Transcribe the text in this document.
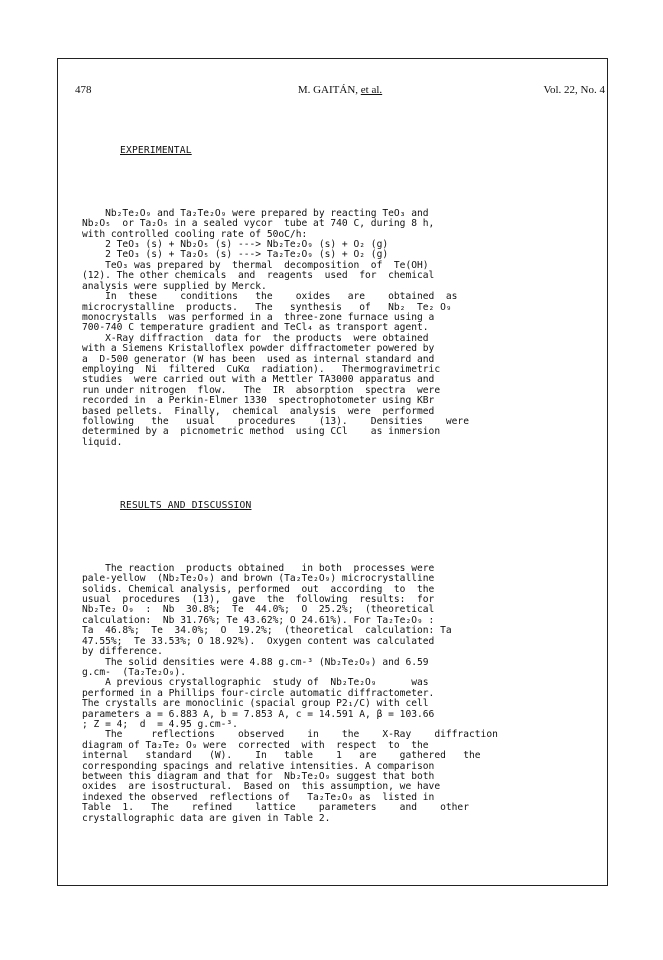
478	M. GAITÁN, et al.	Vol. 22, No. 4

EXPERIMENTAL

Nb₂Te₂O₉ and Ta₂Te₂O₉ were prepared by reacting TeO₃ and
Nb₂O₅  or Ta₂O₅ in a sealed vycor  tube at 740 C, during 8 h,
with controlled cooling rate of 50oC/h:
2 TeO₃ (s) + Nb₂O₅ (s) ---> Nb₂Te₂O₉ (s) + O₂ (g)
2 TeO₃ (s) + Ta₂O₅ (s) ---> Ta₂Te₂O₉ (s) + O₂ (g)
TeO₃ was prepared by  thermal  decomposition  of  Te(OH)
(12). The other chemicals  and  reagents  used  for  chemical
analysis were supplied by Merck.
In  these    conditions   the    oxides   are    obtained  as
microcrystalline  products.   The   synthesis   of   Nb₂  Te₂ O₉
monocrystalls  was performed in a  three-zone furnace using a
700-740 C temperature gradient and TeCl₄ as transport agent.
X-Ray diffraction  data for  the products  were obtained
with a Siemens Kristalloflex powder diffractometer powered by
a  D-500 generator (W has been  used as internal standard and
employing  Ni  filtered  CuKα  radiation).   Thermogravimetric
studies  were carried out with a Mettler TA3000 apparatus and
run under nitrogen  flow.   The  IR  absorption  spectra  were
recorded in  a Perkin-Elmer 1330  spectrophotometer using KBr
based pellets.  Finally,  chemical  analysis  were  performed
following   the   usual    procedures    (13).    Densities    were
determined by a  picnometric method  using CCl    as inmersion
liquid.

RESULTS AND DISCUSSION

The reaction  products obtained   in both  processes were
pale-yellow  (Nb₂Te₂O₉) and brown (Ta₂Te₂O₉) microcrystalline
solids. Chemical analysis, performed  out  according  to  the
usual  procedures  (13),  gave  the  following  results:  for
Nb₂Te₂ O₉  :  Nb  30.8%;  Te  44.0%;  O  25.2%;  (theoretical
calculation:  Nb 31.76%; Te 43.62%; O 24.61%). For Ta₂Te₂O₉ :
Ta  46.8%;  Te  34.0%;  O  19.2%;  (theoretical  calculation: Ta
47.55%;  Te 33.53%; O 18.92%).  Oxygen content was calculated
by difference.
The solid densities were 4.88 g.cm-³ (Nb₂Te₂O₉) and 6.59
g.cm-  (Ta₂Te₂O₉).
A previous crystallographic  study of  Nb₂Te₂O₉      was
performed in a Phillips four-circle automatic diffractometer.
The crystalls are monoclinic (spacial group P2₁/C) with cell
parameters a = 6.883 A, b = 7.853 A, c = 14.591 A, β = 103.66
; Z = 4;  d  = 4.95 g.cm-³.
The     reflections    observed    in    the    X-Ray    diffraction
diagram of Ta₂Te₂ O₉ were  corrected  with  respect  to  the
internal   standard   (W).    In   table    1   are    gathered   the
corresponding spacings and relative intensities. A comparison
between this diagram and that for  Nb₂Te₂O₉ suggest that both
oxides  are isostructural.  Based on  this assumption, we have
indexed the observed  reflections of   Ta₂Te₂O₉ as  listed in
Table  1.   The    refined    lattice    parameters    and    other
crystallographic data are given in Table 2.
